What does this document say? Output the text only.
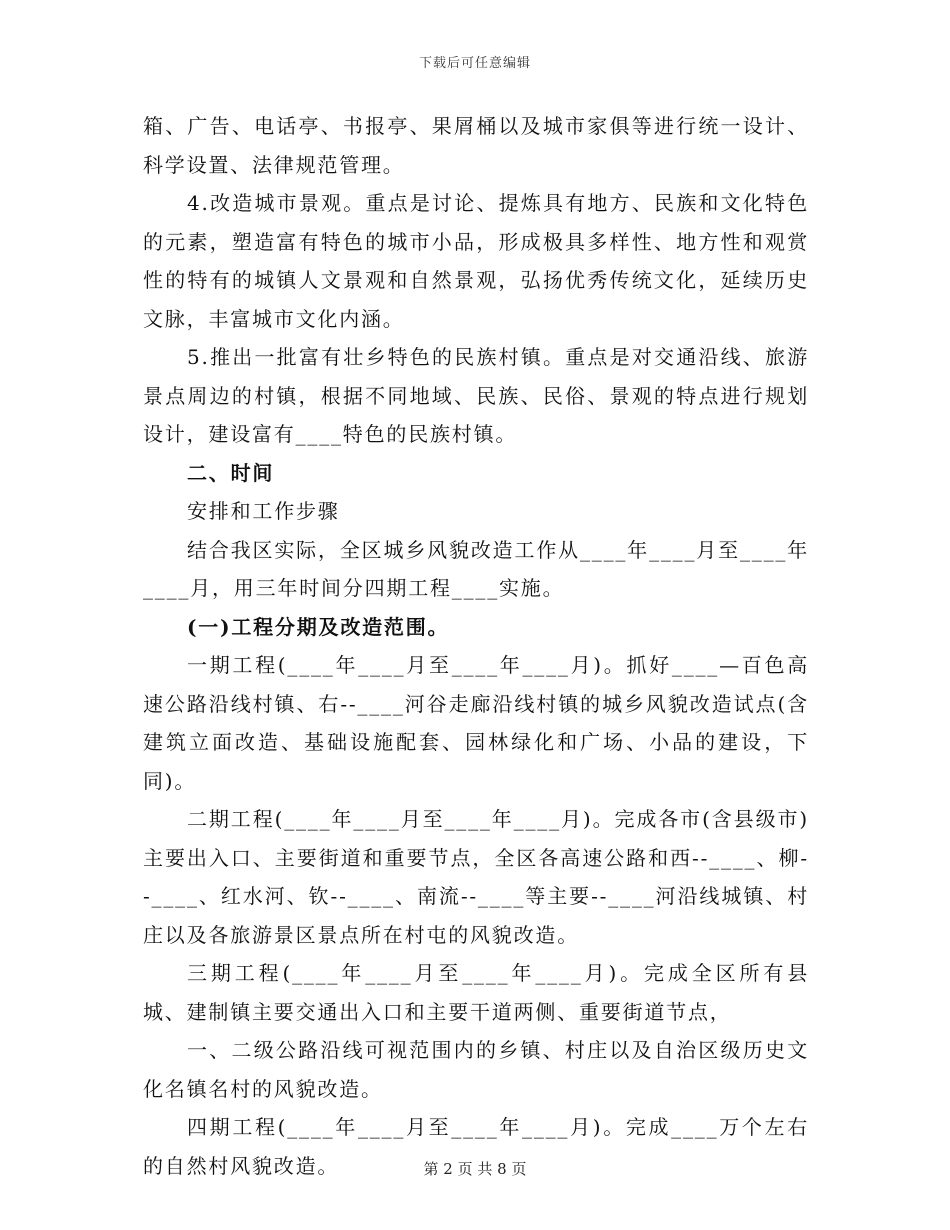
下载后可任意编辑

箱、广告、电话亭、书报亭、果屑桶以及城市家俱等进行统一设计、科学设置、法律规范管理。

4.改造城市景观。重点是讨论、提炼具有地方、民族和文化特色的元素，塑造富有特色的城市小品，形成极具多样性、地方性和观赏性的特有的城镇人文景观和自然景观，弘扬优秀传统文化，延续历史文脉，丰富城市文化内涵。

5.推出一批富有壮乡特色的民族村镇。重点是对交通沿线、旅游景点周边的村镇，根据不同地域、民族、民俗、景观的特点进行规划设计，建设富有____特色的民族村镇。

二、时间

安排和工作步骤

结合我区实际，全区城乡风貌改造工作从____年____月至____年____月，用三年时间分四期工程____实施。

(一)工程分期及改造范围。

一期工程(____年____月至____年____月)。抓好____—百色高速公路沿线村镇、右--____河谷走廊沿线村镇的城乡风貌改造试点(含建筑立面改造、基础设施配套、园林绿化和广场、小品的建设，下同)。

二期工程(____年____月至____年____月)。完成各市(含县级市)主要出入口、主要街道和重要节点，全区各高速公路和西--____、柳--____、红水河、钦--____、南流--____等主要--____河沿线城镇、村庄以及各旅游景区景点所在村屯的风貌改造。

三期工程(____年____月至____年____月)。完成全区所有县城、建制镇主要交通出入口和主要干道两侧、重要街道节点，

一、二级公路沿线可视范围内的乡镇、村庄以及自治区级历史文化名镇名村的风貌改造。

四期工程(____年____月至____年____月)。完成____万个左右的自然村风貌改造。	第 2 页 共 8 页
